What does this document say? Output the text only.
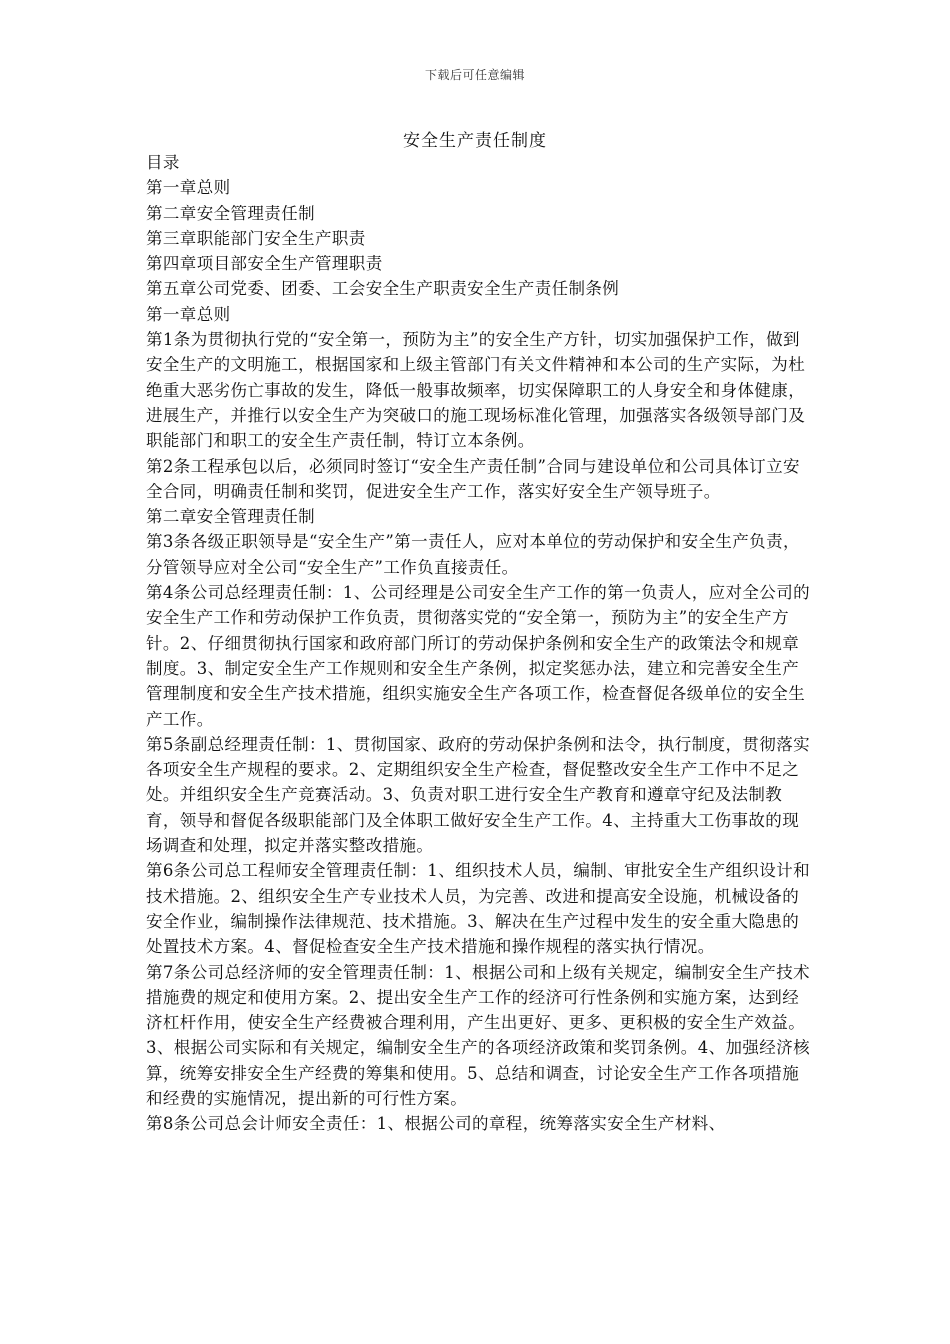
下载后可任意编辑
安全生产责任制度

目录

第一章总则

第二章安全管理责任制

第三章职能部门安全生产职责

第四章项目部安全生产管理职责

第五章公司党委、团委、工会安全生产职责安全生产责任制条例

第一章总则

第1条为贯彻执行党的“安全第一，预防为主”的安全生产方针，切实加强保护工作，做到安全生产的文明施工，根据国家和上级主管部门有关文件精神和本公司的生产实际，为杜绝重大恶劣伤亡事故的发生，降低一般事故频率，切实保障职工的人身安全和身体健康，进展生产，并推行以安全生产为突破口的施工现场标准化管理，加强落实各级领导部门及职能部门和职工的安全生产责任制，特订立本条例。

第2条工程承包以后，必须同时签订“安全生产责任制”合同与建设单位和公司具体订立安全合同，明确责任制和奖罚，促进安全生产工作，落实好安全生产领导班子。

第二章安全管理责任制

第3条各级正职领导是“安全生产”第一责任人，应对本单位的劳动保护和安全生产负责，分管领导应对全公司“安全生产”工作负直接责任。

第4条公司总经理责任制：1、公司经理是公司安全生产工作的第一负责人，应对全公司的安全生产工作和劳动保护工作负责，贯彻落实党的“安全第一，预防为主”的安全生产方针。2、仔细贯彻执行国家和政府部门所订的劳动保护条例和安全生产的政策法令和规章制度。3、制定安全生产工作规则和安全生产条例，拟定奖惩办法，建立和完善安全生产管理制度和安全生产技术措施，组织实施安全生产各项工作，检查督促各级单位的安全生产工作。

第5条副总经理责任制：1、贯彻国家、政府的劳动保护条例和法令，执行制度，贯彻落实各项安全生产规程的要求。2、定期组织安全生产检查，督促整改安全生产工作中不足之处。并组织安全生产竞赛活动。3、负责对职工进行安全生产教育和遵章守纪及法制教育，领导和督促各级职能部门及全体职工做好安全生产工作。4、主持重大工伤事故的现场调查和处理，拟定并落实整改措施。

第6条公司总工程师安全管理责任制：1、组织技术人员，编制、审批安全生产组织设计和技术措施。2、组织安全生产专业技术人员，为完善、改进和提高安全设施，机械设备的安全作业，编制操作法律规范、技术措施。3、解决在生产过程中发生的安全重大隐患的处置技术方案。4、督促检查安全生产技术措施和操作规程的落实执行情况。

第7条公司总经济师的安全管理责任制：1、根据公司和上级有关规定，编制安全生产技术措施费的规定和使用方案。2、提出安全生产工作的经济可行性条例和实施方案，达到经济杠杆作用，使安全生产经费被合理利用，产生出更好、更多、更积极的安全生产效益。3、根据公司实际和有关规定，编制安全生产的各项经济政策和奖罚条例。4、加强经济核算，统筹安排安全生产经费的筹集和使用。5、总结和调查，讨论安全生产工作各项措施和经费的实施情况，提出新的可行性方案。

第8条公司总会计师安全责任：1、根据公司的章程，统筹落实安全生产材料、
